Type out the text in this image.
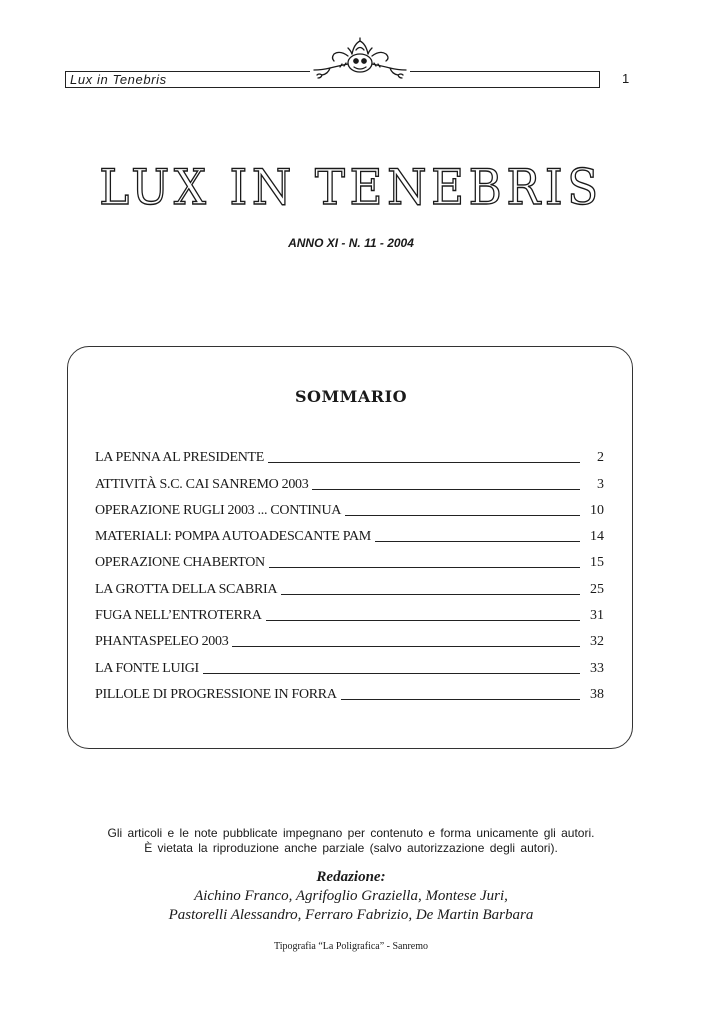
Lux in Tenebris	1
LUX IN TENEBRIS
ANNO XI - N. 11 - 2004
SOMMARIO
LA PENNA AL PRESIDENTE	2
ATTIVITÀ S.C. CAI SANREMO 2003	3
OPERAZIONE RUGLI 2003 ... CONTINUA	10
MATERIALI: POMPA AUTOADESCANTE PAM	14
OPERAZIONE CHABERTON	15
LA GROTTA DELLA SCABRIA	25
FUGA NELL’ENTROTERRA	31
PHANTASPELEO 2003	32
LA FONTE LUIGI	33
PILLOLE DI PROGRESSIONE IN FORRA	38
Gli articoli e le note pubblicate impegnano per contenuto e forma unicamente gli autori.
È vietata la riproduzione anche parziale (salvo autorizzazione degli autori).
Redazione:
Aichino Franco, Agrifoglio Graziella, Montese Juri,
Pastorelli Alessandro, Ferraro Fabrizio, De Martin Barbara
Tipografia “La Poligrafica” - Sanremo
